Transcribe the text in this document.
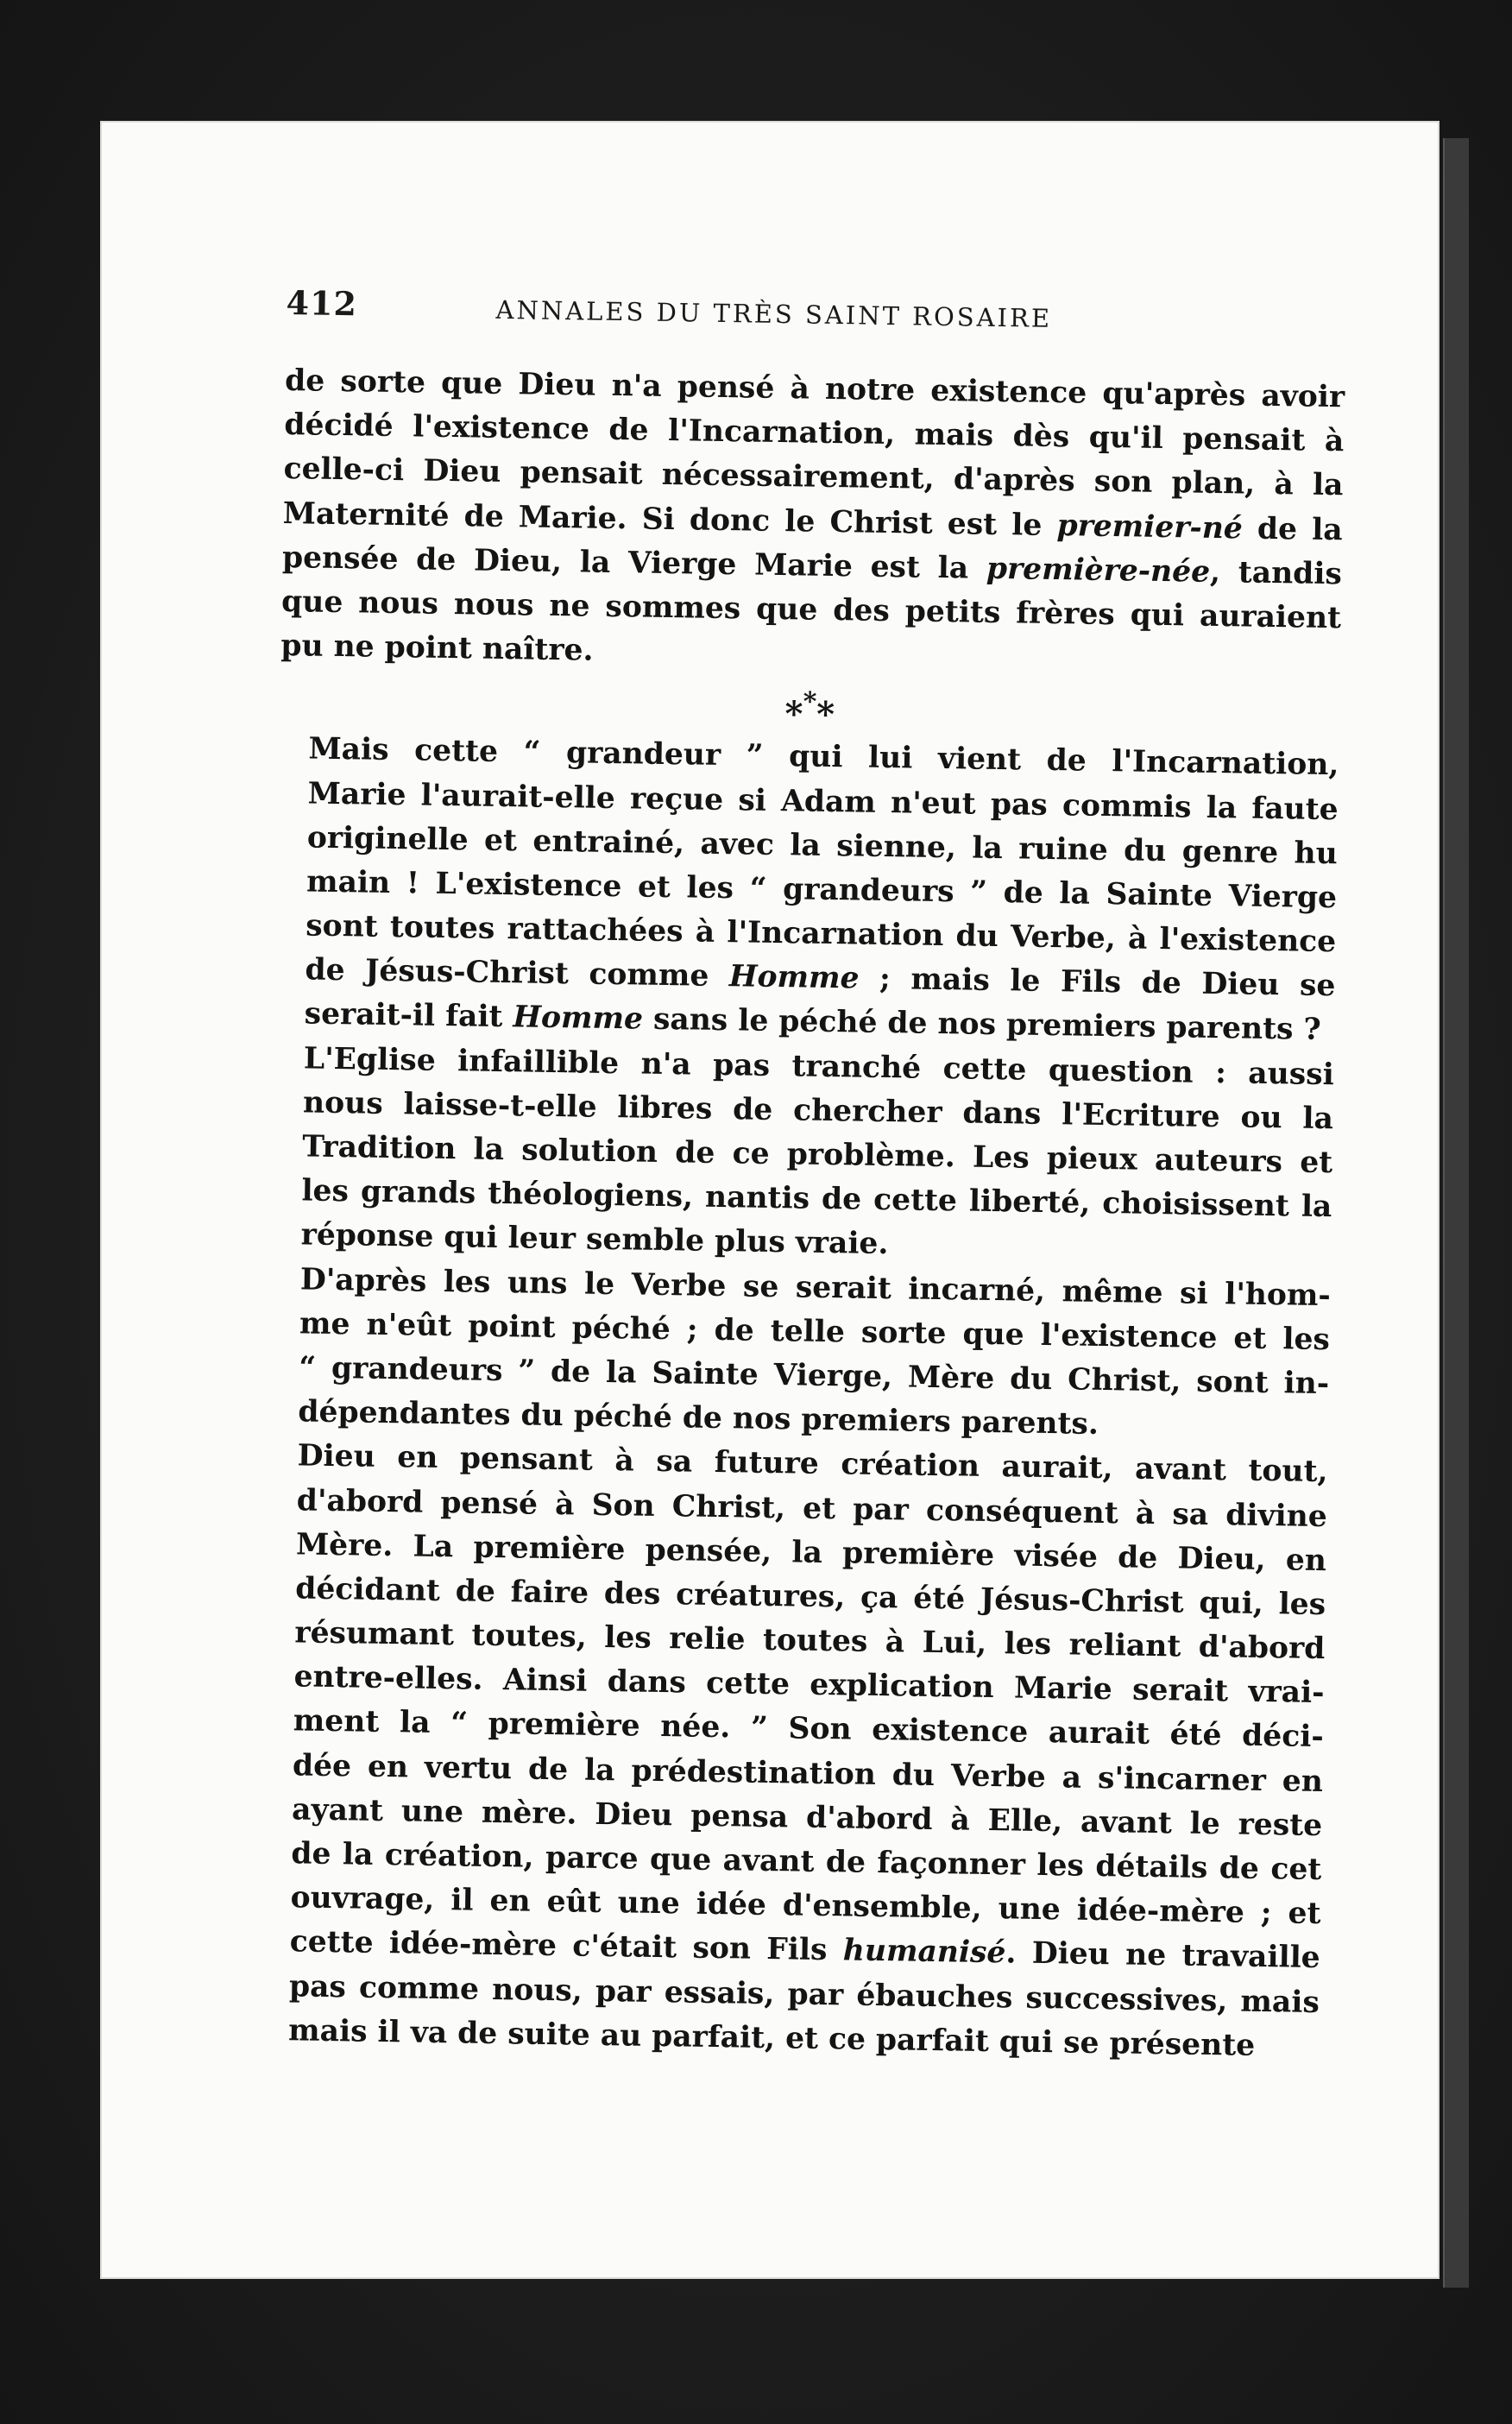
412	ANNALES DU TRÈS SAINT ROSAIRE
de sorte que Dieu n'a pensé à notre existence qu'après avoir
décidé l'existence de l'Incarnation, mais dès qu'il pensait à
celle-ci Dieu pensait nécessairement, d'après son plan, à la
Maternité de Marie. Si donc le Christ est le premier-né de la
pensée de Dieu, la Vierge Marie est la première-née, tandis
que nous nous ne sommes que des petits frères qui auraient
pu ne point naître.
***
Mais cette “ grandeur ” qui lui vient de l'Incarnation,
Marie l'aurait-elle reçue si Adam n'eut pas commis la faute
originelle et entrainé, avec la sienne, la ruine du genre hu
main ! L'existence et les “ grandeurs ” de la Sainte Vierge
sont toutes rattachées à l'Incarnation du Verbe, à l'existence
de Jésus-Christ comme Homme ; mais le Fils de Dieu se
serait-il fait Homme sans le péché de nos premiers parents ?
L'Eglise infaillible n'a pas tranché cette question : aussi
nous laisse-t-elle libres de chercher dans l'Ecriture ou la
Tradition la solution de ce problème. Les pieux auteurs et
les grands théologiens, nantis de cette liberté, choisissent la
réponse qui leur semble plus vraie.
D'après les uns le Verbe se serait incarné, même si l'hom-
me n'eût point péché ; de telle sorte que l'existence et les
“ grandeurs ” de la Sainte Vierge, Mère du Christ, sont in-
dépendantes du péché de nos premiers parents.
Dieu en pensant à sa future création aurait, avant tout,
d'abord pensé à Son Christ, et par conséquent à sa divine
Mère. La première pensée, la première visée de Dieu, en
décidant de faire des créatures, ça été Jésus-Christ qui, les
résumant toutes, les relie toutes à Lui, les reliant d'abord
entre-elles. Ainsi dans cette explication Marie serait vrai-
ment la “ première née. ” Son existence aurait été déci-
dée en vertu de la prédestination du Verbe a s'incarner en
ayant une mère. Dieu pensa d'abord à Elle, avant le reste
de la création, parce que avant de façonner les détails de cet
ouvrage, il en eût une idée d'ensemble, une idée-mère ; et
cette idée-mère c'était son Fils humanisé. Dieu ne travaille
pas comme nous, par essais, par ébauches successives, mais
mais il va de suite au parfait, et ce parfait qui se présente
